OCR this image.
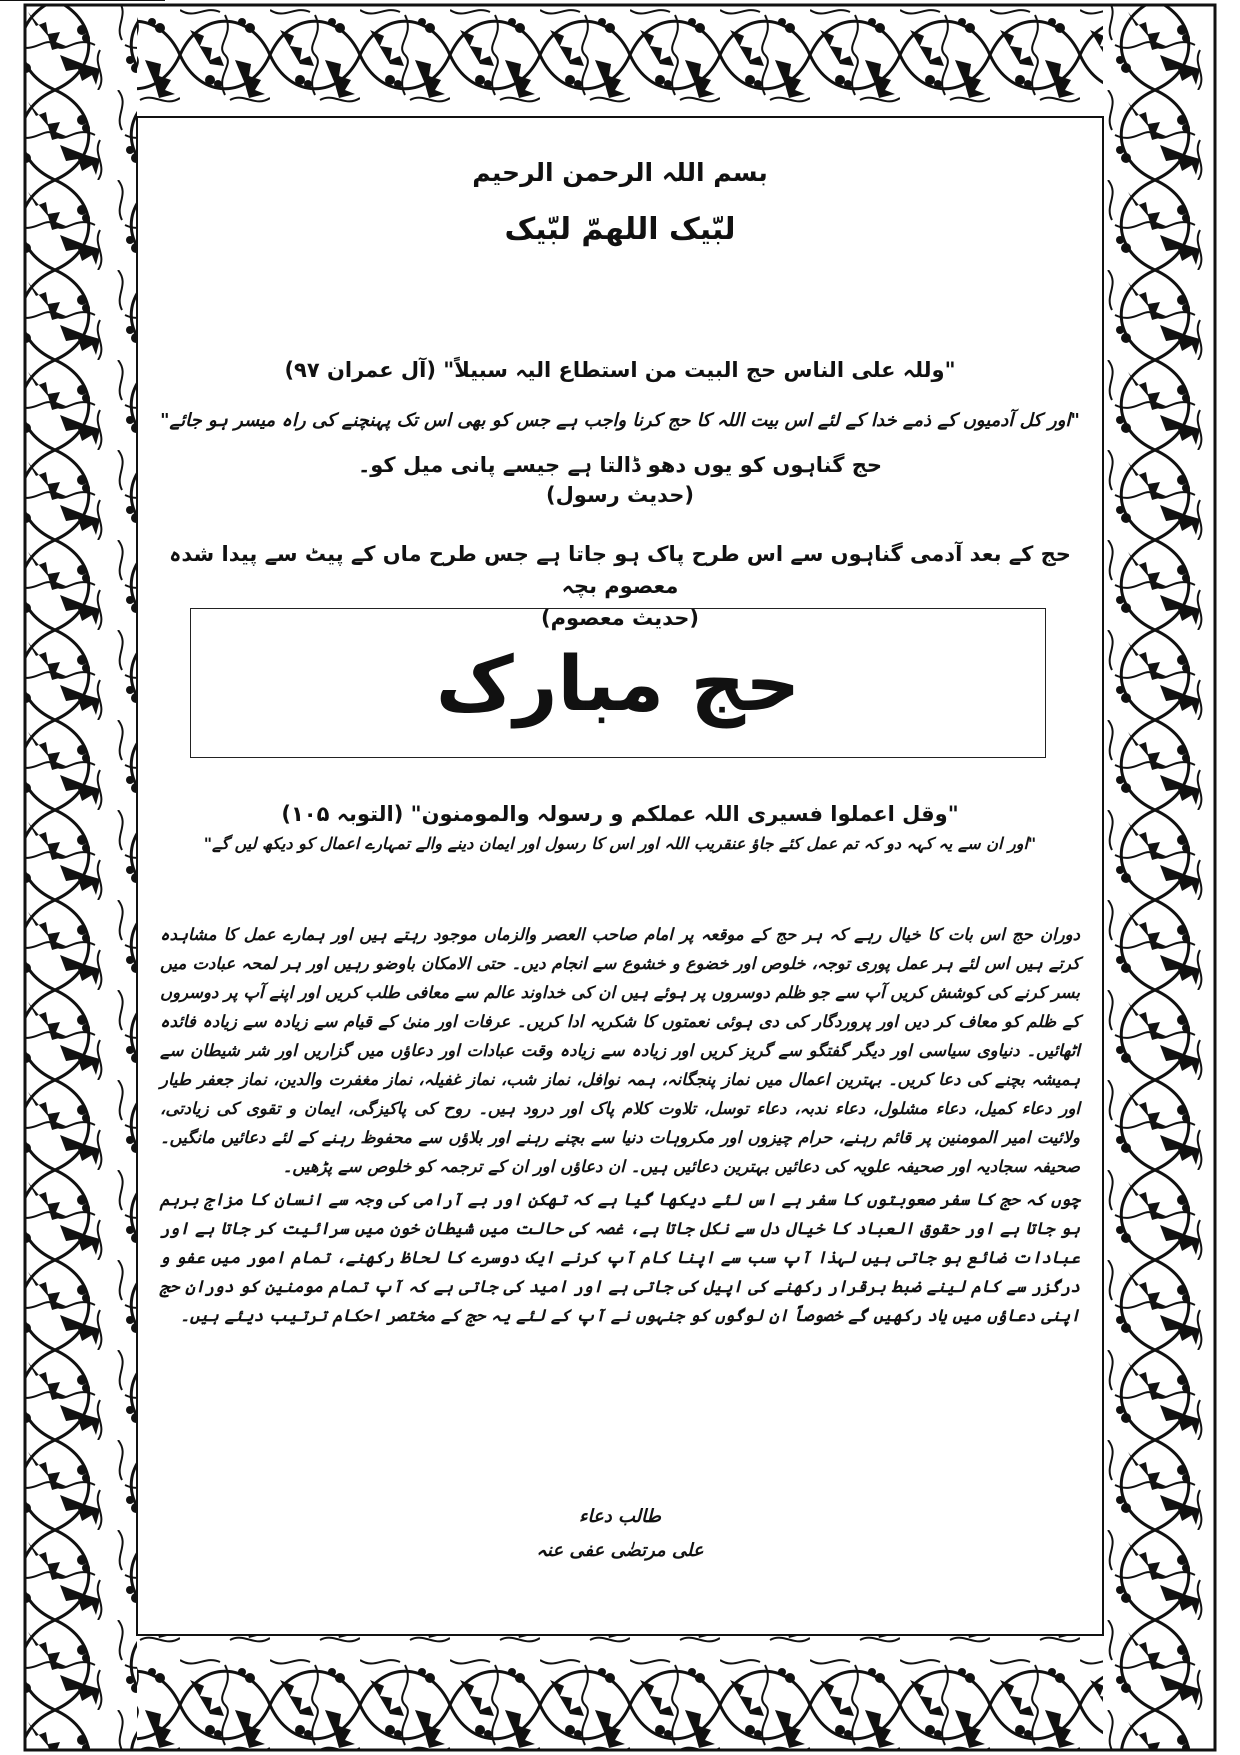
بسم اللہ الرحمن الرحیم
لبّیک اللھمّ لبّیک
"وللہ علی الناس حج البیت من استطاع الیہ سبیلاً" (آل عمران ۹۷)
"اور کل آدمیوں کے ذمے خدا کے لئے اس بیت اللہ کا حج کرنا واجب ہے جس کو بھی اس تک پہنچنے کی راہ میسر ہو جائے"
حج گناہوں کو یوں دھو ڈالتا ہے جیسے پانی میل کو۔
(حدیث رسول)
حج کے بعد آدمی گناہوں سے اس طرح پاک ہو جاتا ہے جس طرح ماں کے پیٹ سے پیدا شدہ معصوم بچہ
(حدیث معصوم)
حج مبارک
"وقل اعملوا فسیری اللہ عملکم و رسولہ والمومنون" (التوبہ ۱۰۵)
"اور ان سے یہ کہہ دو کہ تم عمل کئے جاؤ عنقریب اللہ اور اس کا رسول اور ایمان دینے والے تمہارے اعمال کو دیکھ لیں گے"

دوران حج اس بات کا خیال رہے کہ ہر حج کے موقعہ پر امام صاحب العصر والزماں موجود رہتے ہیں اور ہمارے عمل کا مشاہدہ کرتے ہیں اس لئے ہر عمل پوری توجہ، خلوص اور خضوع و خشوع سے انجام دیں۔ حتی الامکان باوضو رہیں اور ہر لمحہ عبادت میں بسر کرنے کی کوشش کریں آپ سے جو ظلم دوسروں پر ہوئے ہیں ان کی خداوند عالم سے معافی طلب کریں اور اپنے آپ پر دوسروں کے ظلم کو معاف کر دیں اور پروردگار کی دی ہوئی نعمتوں کا شکریہ ادا کریں۔ عرفات اور منیٰ کے قیام سے زیادہ سے زیادہ فائدہ اٹھائیں۔ دنیاوی سیاسی اور دیگر گفتگو سے گریز کریں اور زیادہ سے زیادہ وقت عبادات اور دعاؤں میں گزاریں اور شر شیطان سے ہمیشہ بچنے کی دعا کریں۔ بہترین اعمال میں نماز پنجگانہ، ہمہ نوافل، نماز شب، نماز غفیلہ، نماز مغفرت والدین، نماز جعفر طیار اور دعاء کمیل، دعاء مشلول، دعاء ندبہ، دعاء توسل، تلاوت کلام پاک اور درود ہیں۔ روح کی پاکیزگی، ایمان و تقوی کی زیادتی، ولائیت امیر المومنین پر قائم رہنے، حرام چیزوں اور مکروہات دنیا سے بچنے رہنے اور بلاؤں سے محفوظ رہنے کے لئے دعائیں مانگیں۔ صحیفہ سجادیہ اور صحیفہ علویہ کی دعائیں بہترین دعائیں ہیں۔ ان دعاؤں اور ان کے ترجمہ کو خلوص سے پڑھیں۔

چوں کہ حج کا سفر صعوبتوں کا سفر ہے اس لئے دیکھا گیا ہے کہ تھکن اور بے آرامی کی وجہ سے انسان کا مزاج برہم ہو جاتا ہے اور حقوق العباد کا خیال دل سے نکل جاتا ہے، غصہ کی حالت میں شیطان خون میں سرائیت کر جاتا ہے اور عبادات ضائع ہو جاتی ہیں لہذا آپ سب سے اپنا کام آپ کرنے ایک دوسرے کا لحاظ رکھنے، تمام امور میں عفو و درگزر سے کام لینے ضبط برقرار رکھنے کی اپیل کی جاتی ہے اور امید کی جاتی ہے کہ آپ تمام مومنین کو دوران حج اپنی دعاؤں میں یاد رکھیں گے خصوصاً ان لوگوں کو جنہوں نے آپ کے لئے یہ حج کے مختصر احکام ترتیب دیئے ہیں۔

طالب دعاء
علی مرتضٰی عفی عنہ
